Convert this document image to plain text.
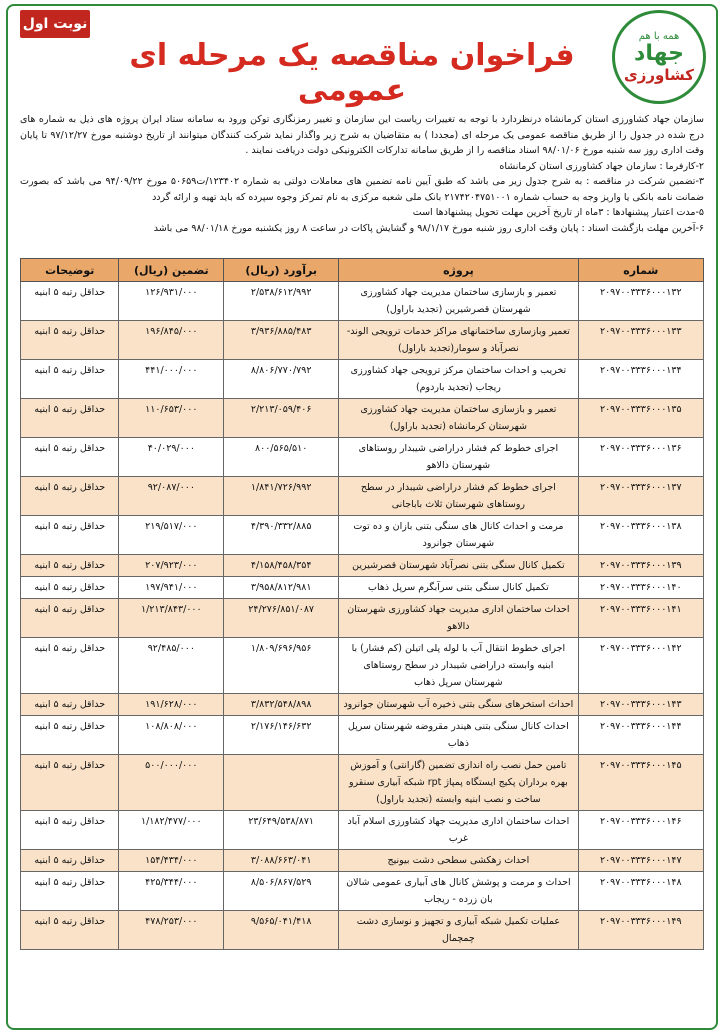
نوبت اول
همه با هم
جهاد
کشاورزی
فراخوان مناقصه یک مرحله ای عمومی

سازمان جهاد کشاورزی استان کرمانشاه درنظردارد با توجه به تغییرات ریاست این سازمان و تغییر رمزنگاری توکن ورود به سامانه ستاد ایران پروژه های ذیل به شماره های درج شده در جدول را از طریق مناقصه عمومی یک مرحله ای (مجددا ) به متقاضیان به شرح زیر واگذار نماید شرکت کنندگان میتوانند از تاریخ دوشنبه مورخ ۹۷/۱۲/۲۷ تا پایان وقت اداری روز سه شنبه مورخ ۹۸/۰۱/۰۶ اسناد مناقصه را از طریق سامانه تدارکات الکترونیکی دولت دریافت نمایند .

۲-کارفرما : سازمان جهاد کشاورزی استان کرمانشاه

۳-تضمین شرکت در مناقصه : به شرح جدول زیر می باشد که طبق آیین نامه تضمین های معاملات دولتی به شماره ۱۲۳۴۰۲/ت۵۰۶۵۹ مورخ ۹۴/۰۹/۲۲ می باشد که بصورت ضمانت نامه بانکی یا واریز وجه به حساب شماره ۲۱۷۴۲۰۴۷۵۱۰۰۱ بانک ملی شعبه مرکزی به نام تمرکز وجوه سپرده که باید تهیه و ارائه گردد

۵-مدت اعتبار پیشنهادها : ۳ماه از تاریخ آخرین مهلت تحویل پیشنهادها است

۶-آخرین مهلت بازگشت اسناد : پایان وقت اداری روز شنبه مورخ ۹۸/۱/۱۷ و گشایش پاکات در ساعت ۸ روز یکشنبه مورخ ۹۸/۰۱/۱۸ می باشد

شماره	پروژه	برآورد (ریال)	تضمین (ریال)	توضیحات
۲۰۹۷۰۰۳۳۳۶۰۰۰۱۳۲	تعمیر و بازسازی ساختمان مدیریت جهاد کشاورزی شهرستان قصرشیرین (تجدید باراول)	۲/۵۳۸/۶۱۲/۹۹۲	۱۲۶/۹۳۱/۰۰۰	حداقل رتبه ۵ ابنیه
۲۰۹۷۰۰۳۳۳۶۰۰۰۱۳۳	تعمیر وبازسازی ساختمانهای مراکز خدمات ترویجی الوند- نصرآباد و سومار(تجدید باراول)	۳/۹۳۶/۸۸۵/۴۸۳	۱۹۶/۸۴۵/۰۰۰	حداقل رتبه ۵ ابنیه
۲۰۹۷۰۰۳۳۳۶۰۰۰۱۳۴	تخریب و احداث ساختمان مرکز ترویجی جهاد کشاورزی ریجاب (تجدید باردوم)	۸/۸۰۶/۷۷۰/۷۹۲	۴۴۱/۰۰۰/۰۰۰	حداقل رتبه ۵ ابنیه
۲۰۹۷۰۰۳۳۳۶۰۰۰۱۳۵	تعمیر و بازسازی ساختمان مدیریت جهاد کشاورزی شهرستان کرمانشاه (تجدید باراول)	۲/۲۱۳/۰۵۹/۴۰۶	۱۱۰/۶۵۳/۰۰۰	حداقل رتبه ۵ ابنیه
۲۰۹۷۰۰۳۳۳۶۰۰۰۱۳۶	اجرای خطوط کم فشار دراراضی شیبدار روستاهای شهرستان دالاهو	۸۰۰/۵۶۵/۵۱۰	۴۰/۰۲۹/۰۰۰	حداقل رتبه ۵ ابنیه
۲۰۹۷۰۰۳۳۳۶۰۰۰۱۳۷	اجرای خطوط کم فشار دراراضی شیبدار در سطح روستاهای شهرستان ثلاث باباجانی	۱/۸۴۱/۷۲۶/۹۹۲	۹۲/۰۸۷/۰۰۰	حداقل رتبه ۵ ابنیه
۲۰۹۷۰۰۳۳۳۶۰۰۰۱۳۸	مرمت و احداث کانال های سنگی بتنی بازان و ده توت شهرستان جوانرود	۴/۳۹۰/۳۳۲/۸۸۵	۲۱۹/۵۱۷/۰۰۰	حداقل رتبه ۵ ابنیه
۲۰۹۷۰۰۳۳۳۶۰۰۰۱۳۹	تکمیل کانال سنگی بتنی نصرآباد شهرستان قصرشیرین	۴/۱۵۸/۴۵۸/۳۵۴	۲۰۷/۹۲۳/۰۰۰	حداقل رتبه ۵ ابنیه
۲۰۹۷۰۰۳۳۳۶۰۰۰۱۴۰	تکمیل کانال سنگی بتنی سرآبگرم سرپل ذهاب	۳/۹۵۸/۸۱۲/۹۸۱	۱۹۷/۹۴۱/۰۰۰	حداقل رتبه ۵ ابنیه
۲۰۹۷۰۰۳۳۳۶۰۰۰۱۴۱	احداث ساختمان اداری مدیریت جهاد کشاورزی شهرستان دالاهو	۲۴/۲۷۶/۸۵۱/۰۸۷	۱/۲۱۳/۸۴۳/۰۰۰	حداقل رتبه ۵ ابنیه
۲۰۹۷۰۰۳۳۳۶۰۰۰۱۴۲	اجرای خطوط انتقال آب با لوله پلی اتیلن (کم فشار) با ابنیه وابسته دراراضی شیبدار در سطح روستاهای شهرستان سرپل ذهاب	۱/۸۰۹/۶۹۶/۹۵۶	۹۲/۴۸۵/۰۰۰	حداقل رتبه ۵ ابنیه
۲۰۹۷۰۰۳۳۳۶۰۰۰۱۴۳	احداث استخرهای سنگی بتنی ذخیره آب شهرستان جوانرود	۳/۸۳۲/۵۴۸/۸۹۸	۱۹۱/۶۲۸/۰۰۰	حداقل رتبه ۵ ابنیه
۲۰۹۷۰۰۳۳۳۶۰۰۰۱۴۴	احداث کانال سنگی بتنی هیندر مقروضه شهرستان سرپل ذهاب	۲/۱۷۶/۱۴۶/۶۳۲	۱۰۸/۸۰۸/۰۰۰	حداقل رتبه ۵ ابنیه
۲۰۹۷۰۰۳۳۳۶۰۰۰۱۴۵	تامین حمل نصب راه اندازی تضمین (گارانتی) و آموزش بهره برداران پکیج ایستگاه پمپاژ rpt شبکه آبیاری سنقرو ساخت و نصب ابنیه وابسته (تجدید باراول)		۵۰۰/۰۰۰/۰۰۰	حداقل رتبه ۵ ابنیه
۲۰۹۷۰۰۳۳۳۶۰۰۰۱۴۶	احداث ساختمان اداری مدیریت جهاد کشاورزی اسلام آباد غرب	۲۳/۶۴۹/۵۳۸/۸۷۱	۱/۱۸۲/۴۷۷/۰۰۰	حداقل رتبه ۵ ابنیه
۲۰۹۷۰۰۳۳۳۶۰۰۰۱۴۷	احداث زهکشی سطحی دشت بیونیج	۳/۰۸۸/۶۶۳/۰۴۱	۱۵۴/۴۳۴/۰۰۰	حداقل رتبه ۵ ابنیه
۲۰۹۷۰۰۳۳۳۶۰۰۰۱۴۸	احداث و مرمت و پوشش کانال های آبیاری عمومی شالان بان زرده - ریجاب	۸/۵۰۶/۸۶۷/۵۲۹	۴۲۵/۳۴۴/۰۰۰	حداقل رتبه ۵ ابنیه
۲۰۹۷۰۰۳۳۳۶۰۰۰۱۴۹	عملیات تکمیل شبکه آبیاری و تجهیز و نوسازی دشت چمچمال	۹/۵۶۵/۰۴۱/۴۱۸	۴۷۸/۲۵۳/۰۰۰	حداقل رتبه ۵ ابنیه
